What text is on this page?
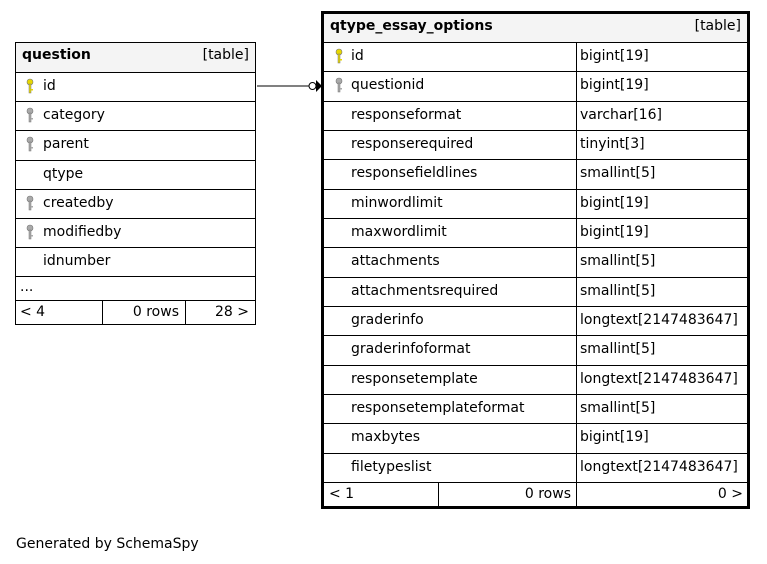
question	[table]
id
category
parent
qtype
createdby
modifiedby
idnumber
...
< 4	0 rows	28 >
qtype_essay_options	[table]
id	bigint[19]
questionid	bigint[19]
responseformat	varchar[16]
responserequired	tinyint[3]
responsefieldlines	smallint[5]
minwordlimit	bigint[19]
maxwordlimit	bigint[19]
attachments	smallint[5]
attachmentsrequired	smallint[5]
graderinfo	longtext[2147483647]
graderinfoformat	smallint[5]
responsetemplate	longtext[2147483647]
responsetemplateformat	smallint[5]
maxbytes	bigint[19]
filetypeslist	longtext[2147483647]
< 1	0 rows	0 >
Generated by SchemaSpy
